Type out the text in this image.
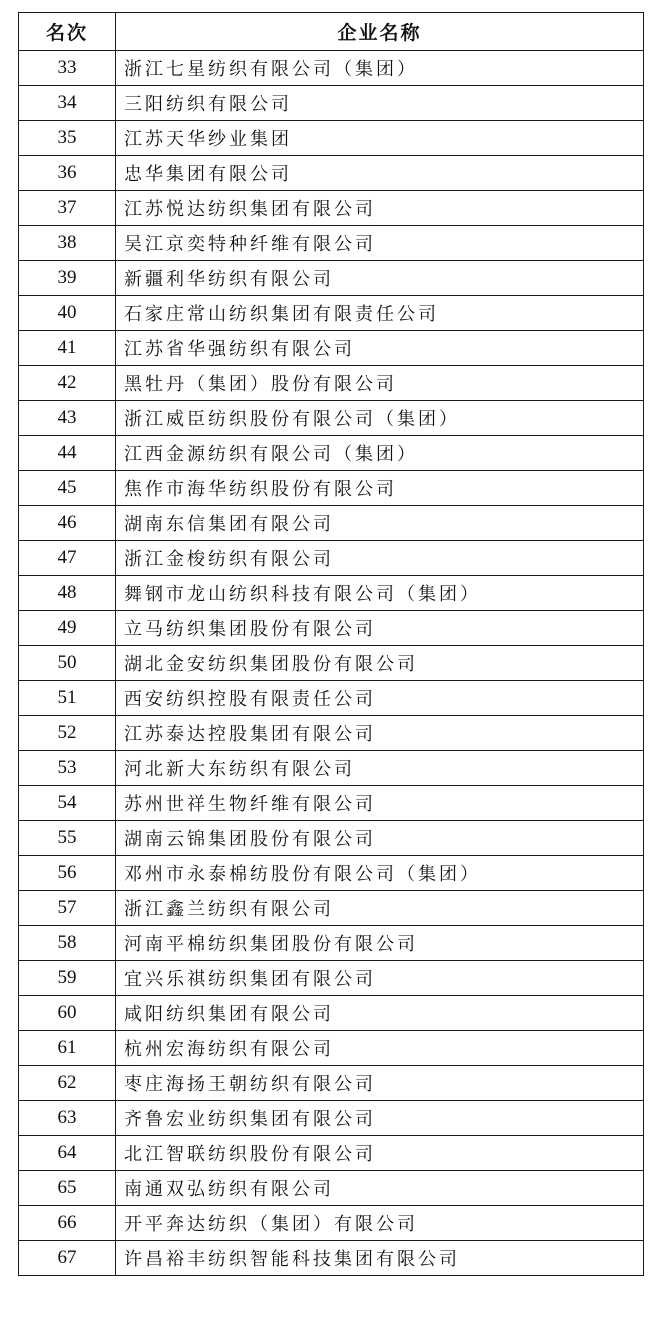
名次	企业名称
33	浙江七星纺织有限公司（集团）
34	三阳纺织有限公司
35	江苏天华纱业集团
36	忠华集团有限公司
37	江苏悦达纺织集团有限公司
38	吴江京奕特种纤维有限公司
39	新疆利华纺织有限公司
40	石家庄常山纺织集团有限责任公司
41	江苏省华强纺织有限公司
42	黑牡丹（集团）股份有限公司
43	浙江威臣纺织股份有限公司（集团）
44	江西金源纺织有限公司（集团）
45	焦作市海华纺织股份有限公司
46	湖南东信集团有限公司
47	浙江金梭纺织有限公司
48	舞钢市龙山纺织科技有限公司（集团）
49	立马纺织集团股份有限公司
50	湖北金安纺织集团股份有限公司
51	西安纺织控股有限责任公司
52	江苏泰达控股集团有限公司
53	河北新大东纺织有限公司
54	苏州世祥生物纤维有限公司
55	湖南云锦集团股份有限公司
56	邓州市永泰棉纺股份有限公司（集团）
57	浙江鑫兰纺织有限公司
58	河南平棉纺织集团股份有限公司
59	宜兴乐祺纺织集团有限公司
60	咸阳纺织集团有限公司
61	杭州宏海纺织有限公司
62	枣庄海扬王朝纺织有限公司
63	齐鲁宏业纺织集团有限公司
64	北江智联纺织股份有限公司
65	南通双弘纺织有限公司
66	开平奔达纺织（集团）有限公司
67	许昌裕丰纺织智能科技集团有限公司
